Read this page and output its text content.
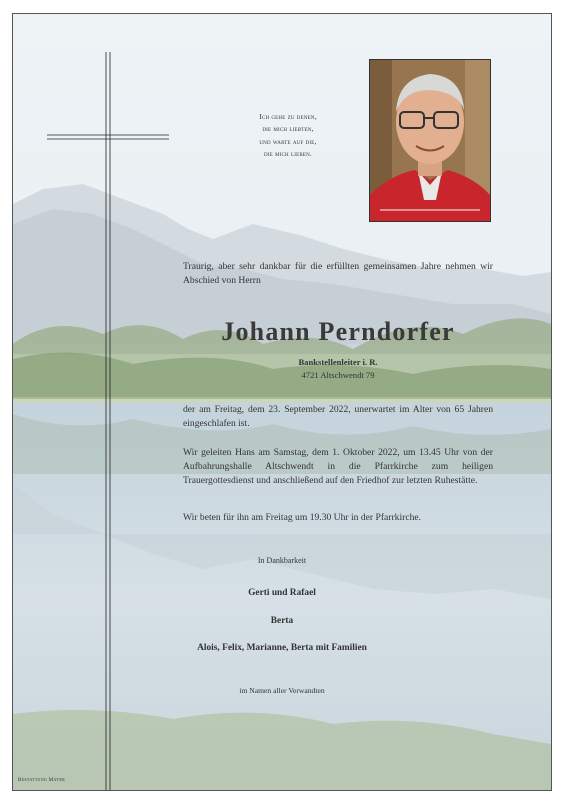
Ich gehe zu denen,
die mich liebten,
und warte auf die,
die mich lieben.
Traurig, aber sehr dankbar für die erfüllten gemeinsamen Jahre nehmen wir Abschied von Herrn
Johann Perndorfer
Bankstellenleiter i. R.
4721 Altschwendt 79
der am Freitag, dem 23. September 2022, unerwartet im Alter von 65 Jahren eingeschlafen ist.
Wir geleiten Hans am Samstag, dem 1. Oktober 2022, um 13.45 Uhr von der Aufbahrungshalle Altschwendt in die Pfarrkirche zum heiligen Trauergottesdienst und anschließend auf den Friedhof zur letzten Ruhestätte.
Wir beten für ihn am Freitag um 19.30 Uhr in der Pfarrkirche.
In Dankbarkeit
Gerti und Rafael
Berta
Alois, Felix, Marianne, Berta mit Familien
im Namen aller Verwandten
Bestattung Mayer
